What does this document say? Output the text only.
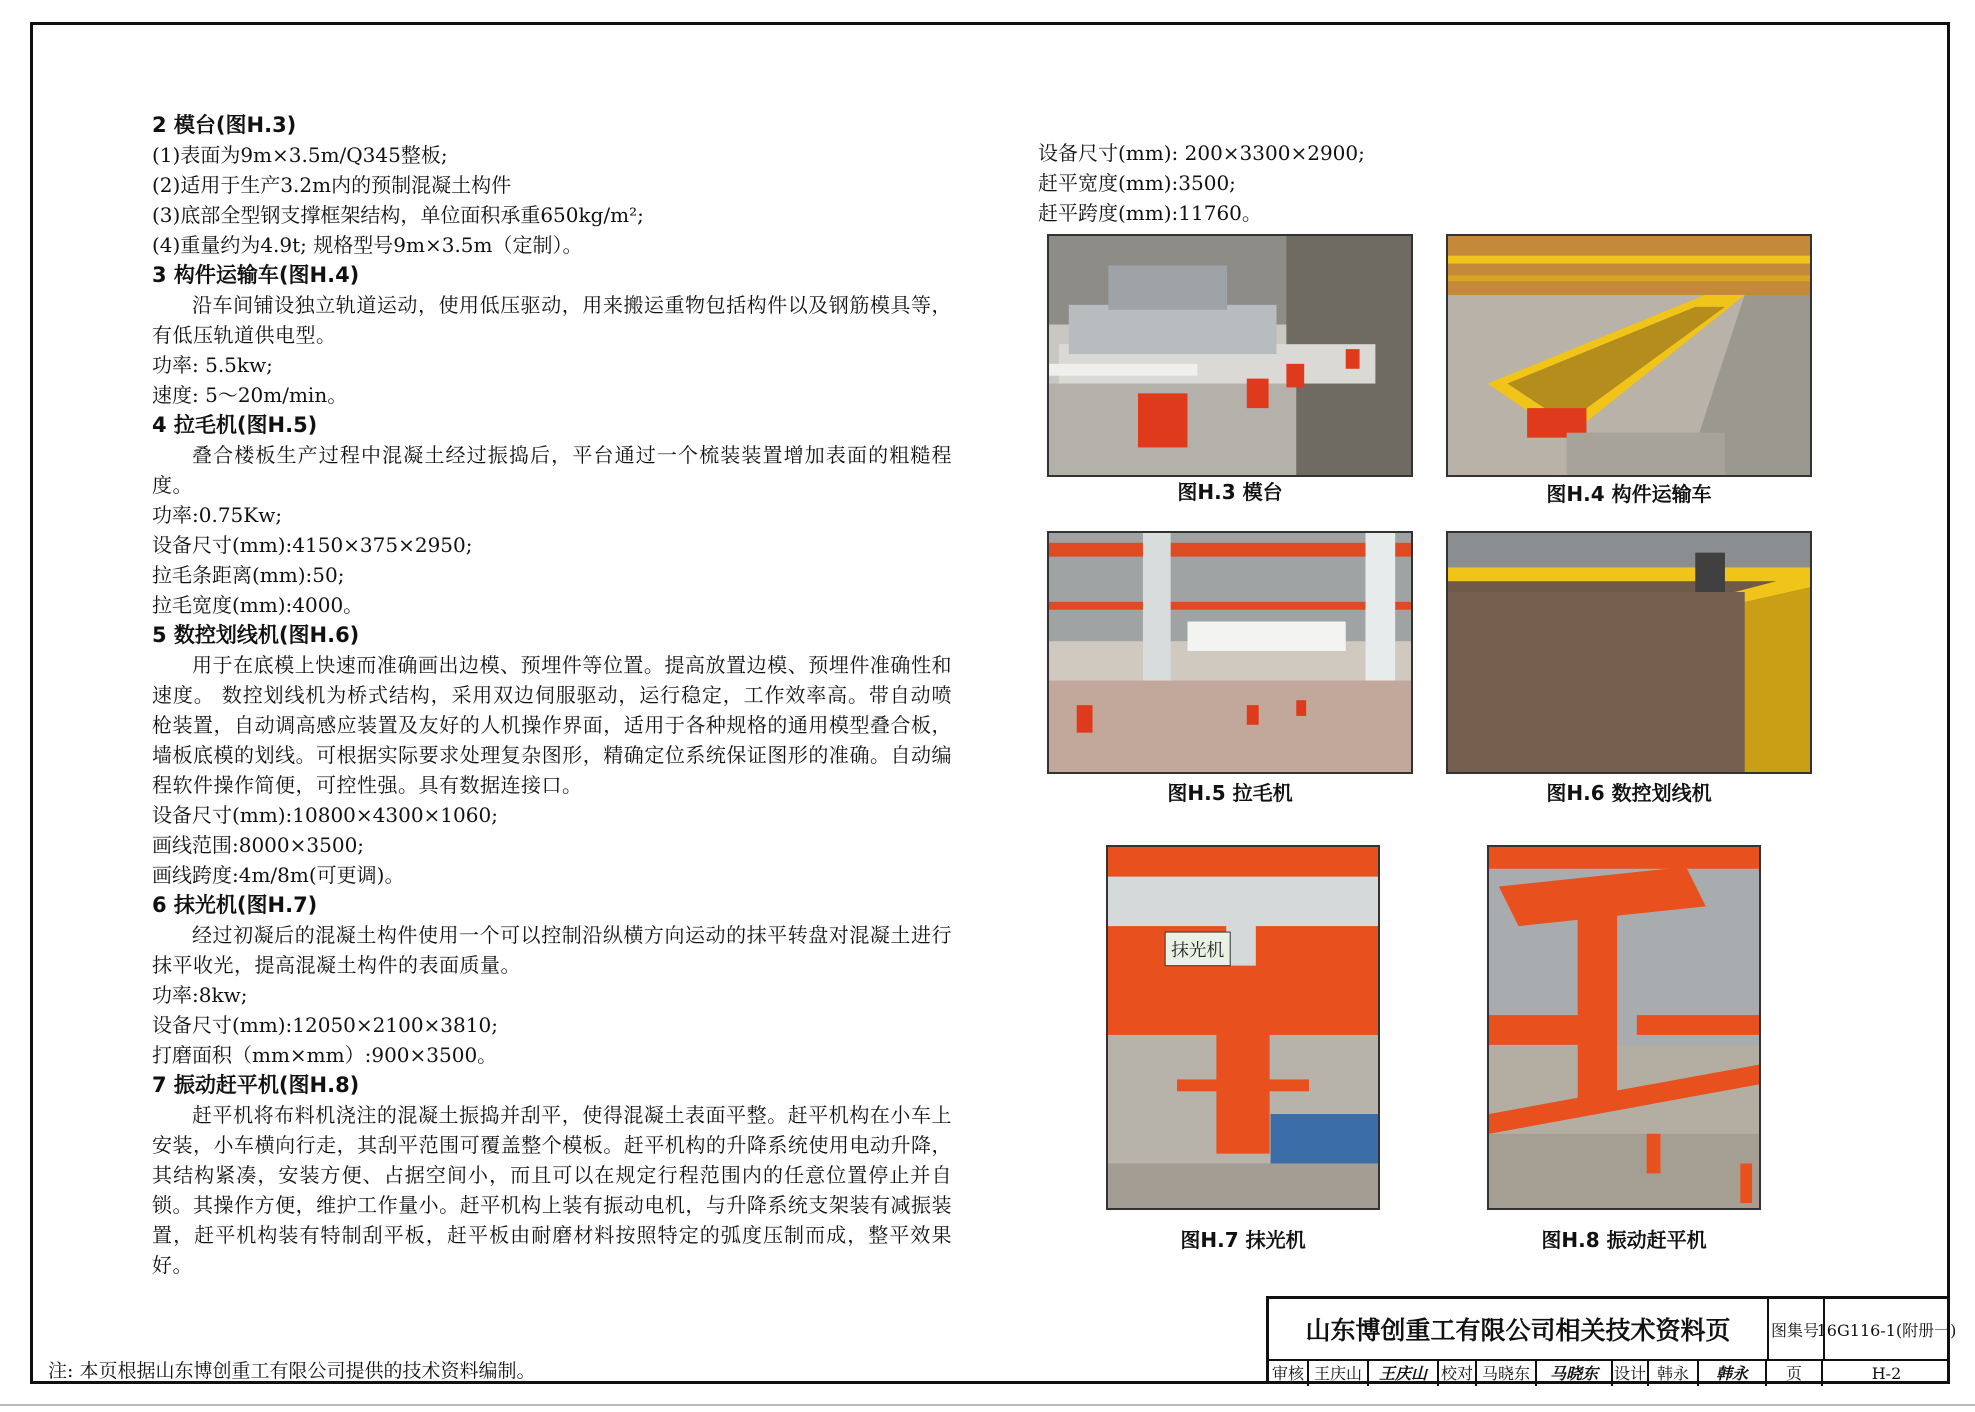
2 模台(图H.3)
(1)表面为9m×3.5m/Q345整板;
(2)适用于生产3.2m内的预制混凝土构件
(3)底部全型钢支撑框架结构，单位面积承重650kg/m²;
(4)重量约为4.9t; 规格型号9m×3.5m（定制）。
3 构件运输车(图H.4)
沿车间铺设独立轨道运动，使用低压驱动，用来搬运重物包括构件以及钢筋模具等，有低压轨道供电型。
功率: 5.5kw;
速度: 5～20m/min。
4 拉毛机(图H.5)
叠合楼板生产过程中混凝土经过振捣后，平台通过一个梳装装置增加表面的粗糙程度。
功率:0.75Kw;
设备尺寸(mm):4150×375×2950;
拉毛条距离(mm):50;
拉毛宽度(mm):4000。
5 数控划线机(图H.6)
用于在底模上快速而准确画出边模、预埋件等位置。提高放置边模、预埋件准确性和速度。 数控划线机为桥式结构，采用双边伺服驱动，运行稳定，工作效率高。带自动喷枪装置，自动调高感应装置及友好的人机操作界面，适用于各种规格的通用模型叠合板，墙板底模的划线。可根据实际要求处理复杂图形，精确定位系统保证图形的准确。自动编程软件操作简便，可控性强。具有数据连接口。
设备尺寸(mm):10800×4300×1060;
画线范围:8000×3500;
画线跨度:4m/8m(可更调)。
6 抹光机(图H.7)
经过初凝后的混凝土构件使用一个可以控制沿纵横方向运动的抹平转盘对混凝土进行抹平收光，提高混凝土构件的表面质量。
功率:8kw;
设备尺寸(mm):12050×2100×3810;
打磨面积（mm×mm）:900×3500。
7 振动赶平机(图H.8)
赶平机将布料机浇注的混凝土振捣并刮平，使得混凝土表面平整。赶平机构在小车上安装，小车横向行走，其刮平范围可覆盖整个模板。赶平机构的升降系统使用电动升降，其结构紧凑，安装方便、占据空间小，而且可以在规定行程范围内的任意位置停止并自锁。其操作方便，维护工作量小。赶平机构上装有振动电机，与升降系统支架装有减振装置，赶平机构装有特制刮平板，赶平板由耐磨材料按照特定的弧度压制而成，整平效果好。
设备尺寸(mm): 200×3300×2900;
赶平宽度(mm):3500;
赶平跨度(mm):11760。
图H.3 模台	图H.4 构件运输车
图H.5 拉毛机	图H.6 数控划线机
抹光机
图H.7 抹光机	图H.8 振动赶平机
注: 本页根据山东博创重工有限公司提供的技术资料编制。
山东博创重工有限公司相关技术资料页	图集号
16G116-1(附册一)
审核 王庆山	王庆山 校对 马晓东	马晓东 设计 韩永	韩永	页	H-2
